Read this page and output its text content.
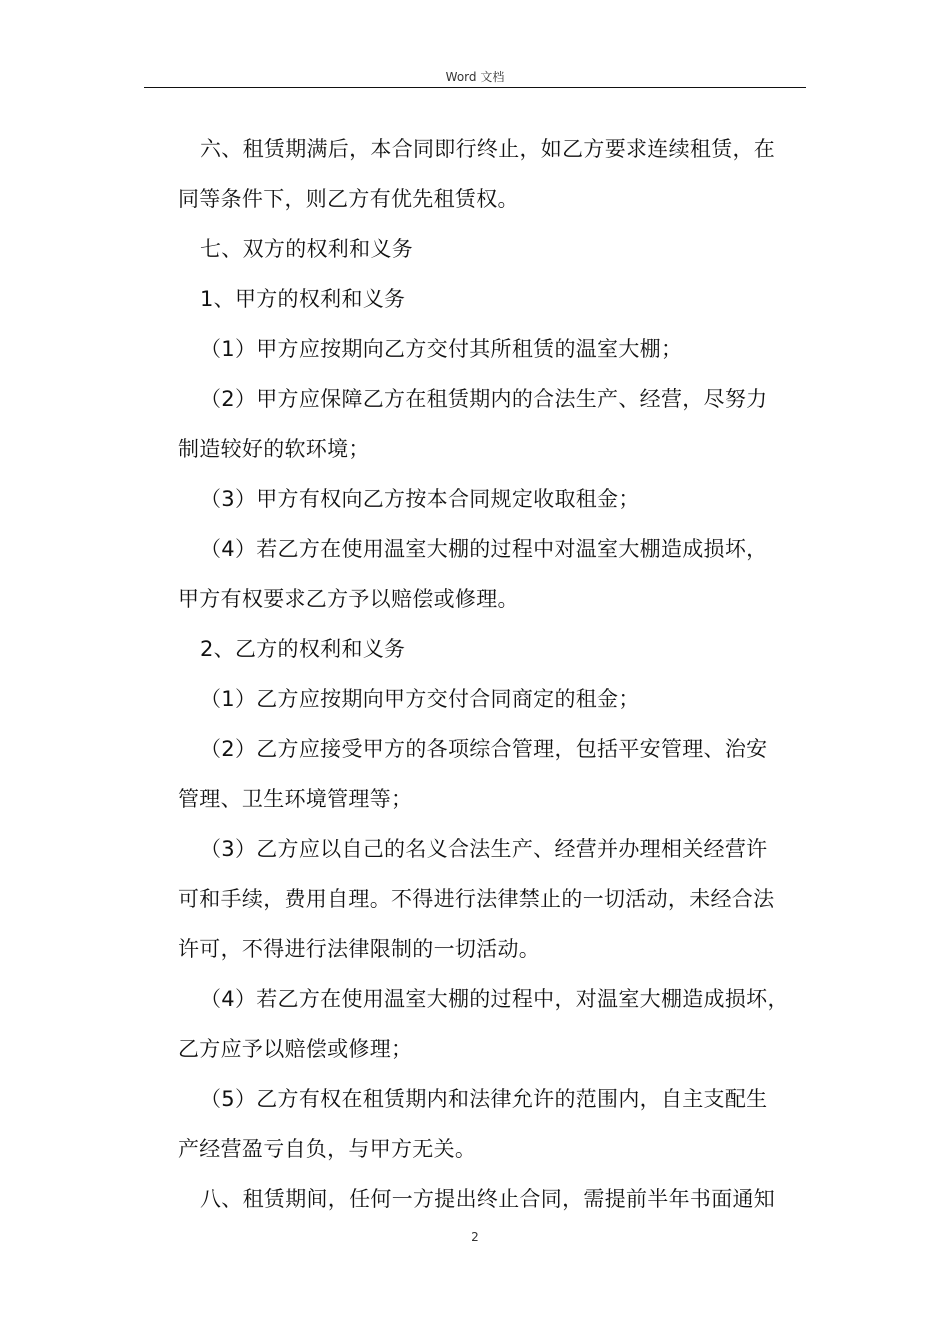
Word 文档

六、租赁期满后，本合同即行终止，如乙方要求连续租赁，在
同等条件下，则乙方有优先租赁权。

七、双方的权利和义务

1、甲方的权利和义务

（1）甲方应按期向乙方交付其所租赁的温室大棚；

（2）甲方应保障乙方在租赁期内的合法生产、经营，尽努力
制造较好的软环境；

（3）甲方有权向乙方按本合同规定收取租金；

（4）若乙方在使用温室大棚的过程中对温室大棚造成损坏，
甲方有权要求乙方予以赔偿或修理。

2、乙方的权利和义务

（1）乙方应按期向甲方交付合同商定的租金；

（2）乙方应接受甲方的各项综合管理，包括平安管理、治安
管理、卫生环境管理等；

（3）乙方应以自己的名义合法生产、经营并办理相关经营许
可和手续，费用自理。不得进行法律禁止的一切活动，未经合法
许可，不得进行法律限制的一切活动。

（4）若乙方在使用温室大棚的过程中，对温室大棚造成损坏，
乙方应予以赔偿或修理；

（5）乙方有权在租赁期内和法律允许的范围内，自主支配生
产经营盈亏自负，与甲方无关。

八、租赁期间，任何一方提出终止合同，需提前半年书面通知

2
